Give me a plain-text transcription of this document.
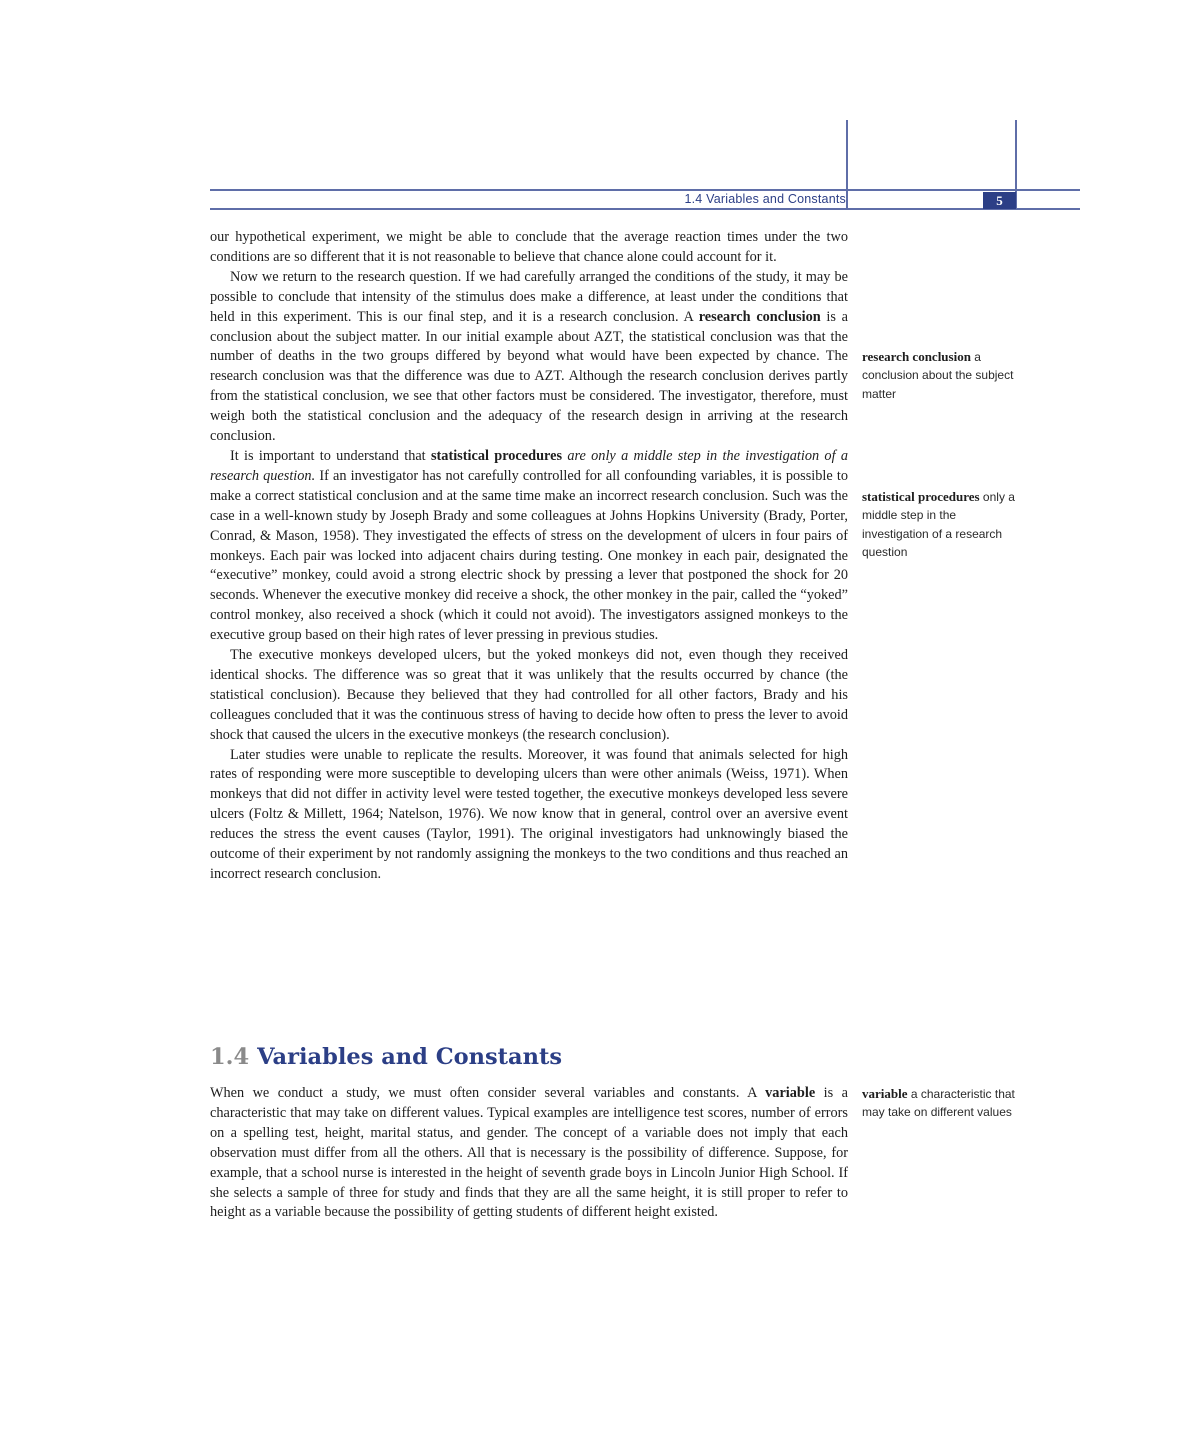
1.4 Variables and Constants	5

our hypothetical experiment, we might be able to conclude that the average reaction times under the two conditions are so different that it is not reasonable to believe that chance alone could account for it.

Now we return to the research question. If we had carefully arranged the conditions of the study, it may be possible to conclude that intensity of the stimulus does make a difference, at least under the conditions that held in this experiment. This is our final step, and it is a research conclusion. A research conclusion is a conclusion about the subject matter. In our initial example about AZT, the statistical conclusion was that the number of deaths in the two groups differed by beyond what would have been expected by chance. The research conclusion was that the difference was due to AZT. Although the research conclusion derives partly from the statistical conclusion, we see that other factors must be considered. The investigator, therefore, must weigh both the statistical conclusion and the adequacy of the research design in arriving at the research conclusion.

It is important to understand that statistical procedures are only a middle step in the investigation of a research question. If an investigator has not carefully controlled for all confounding variables, it is possible to make a correct statistical conclusion and at the same time make an incorrect research conclusion. Such was the case in a well-known study by Joseph Brady and some colleagues at Johns Hopkins University (Brady, Porter, Conrad, & Mason, 1958). They investigated the effects of stress on the development of ulcers in four pairs of monkeys. Each pair was locked into adjacent chairs during testing. One monkey in each pair, designated the “executive” monkey, could avoid a strong electric shock by pressing a lever that postponed the shock for 20 seconds. Whenever the executive monkey did receive a shock, the other monkey in the pair, called the “yoked” control monkey, also received a shock (which it could not avoid). The investigators assigned monkeys to the executive group based on their high rates of lever pressing in previous studies.

The executive monkeys developed ulcers, but the yoked monkeys did not, even though they received identical shocks. The difference was so great that it was unlikely that the results occurred by chance (the statistical conclusion). Because they believed that they had controlled for all other factors, Brady and his colleagues concluded that it was the continuous stress of having to decide how often to press the lever to avoid shock that caused the ulcers in the executive monkeys (the research conclusion).

Later studies were unable to replicate the results. Moreover, it was found that animals selected for high rates of responding were more susceptible to developing ulcers than were other animals (Weiss, 1971). When monkeys that did not differ in activity level were tested together, the executive monkeys developed less severe ulcers (Foltz & Millett, 1964; Natelson, 1976). We now know that in general, control over an aversive event reduces the stress the event causes (Taylor, 1991). The original investigators had unknowingly biased the outcome of their experiment by not randomly assigning the monkeys to the two conditions and thus reached an incorrect research conclusion.

1.4 Variables and Constants

When we conduct a study, we must often consider several variables and constants. A variable is a characteristic that may take on different values. Typical examples are intelligence test scores, number of errors on a spelling test, height, marital status, and gender. The concept of a variable does not imply that each observation must differ from all the others. All that is necessary is the possibility of difference. Suppose, for example, that a school nurse is interested in the height of seventh grade boys in Lincoln Junior High School. If she selects a sample of three for study and finds that they are all the same height, it is still proper to refer to height as a variable because the possibility of getting students of different height existed.

research conclusion a conclusion about the subject matter
statistical procedures only a middle step in the investigation of a research question
variable a characteristic that may take on different values
